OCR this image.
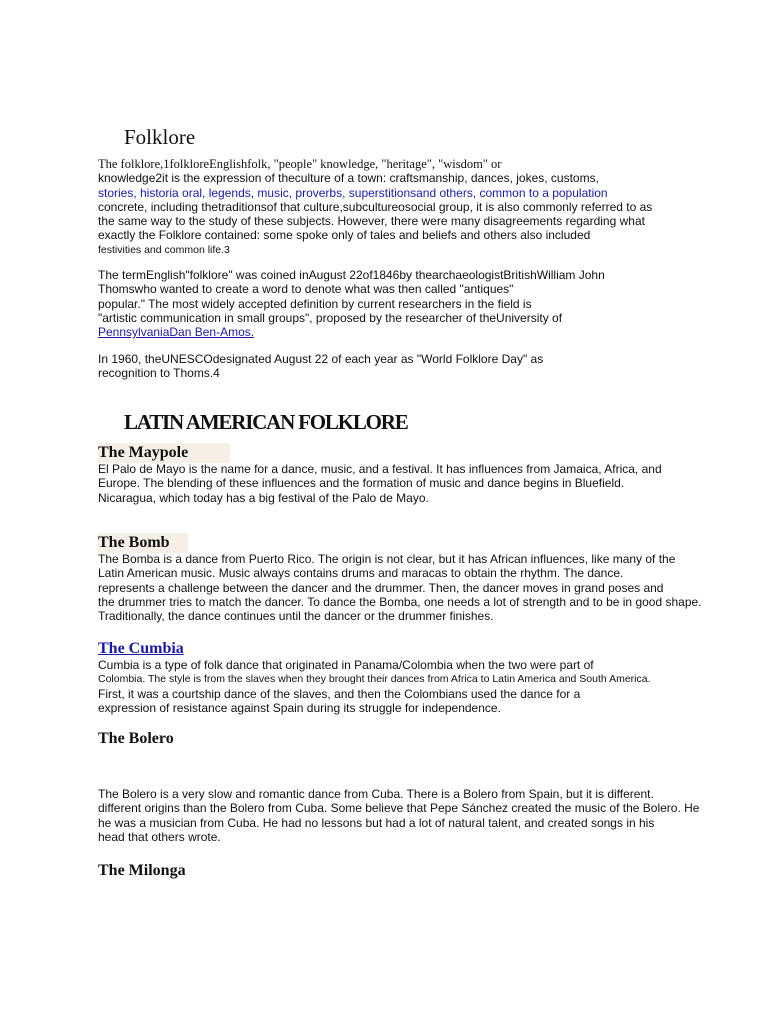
Folklore
The folklore,1folkloreEnglishfolk, "people" knowledge, "heritage", "wisdom" or
knowledge2it is the expression of theculture of a town: craftsmanship, dances, jokes, customs,
stories, historia oral, legends, music, proverbs, superstitionsand others, common to a population
concrete, including thetraditionsof that culture,subcultureosocial group, it is also commonly referred to as
the same way to the study of these subjects. However, there were many disagreements regarding what
exactly the Folklore contained: some spoke only of tales and beliefs and others also included
festivities and common life.3
The termEnglish"folklore" was coined inAugust 22of1846by thearchaeologistBritishWilliam John
Thomswho wanted to create a word to denote what was then called "antiques"
popular." The most widely accepted definition by current researchers in the field is
"artistic communication in small groups", proposed by the researcher of theUniversity of
PennsylvaniaDan Ben-Amos.
In 1960, theUNESCOdesignated August 22 of each year as "World Folklore Day" as
recognition to Thoms.4
LATIN AMERICAN FOLKLORE
The Maypole
El Palo de Mayo is the name for a dance, music, and a festival. It has influences from Jamaica, Africa, and
Europe. The blending of these influences and the formation of music and dance begins in Bluefield.
Nicaragua, which today has a big festival of the Palo de Mayo.
The Bomb
The Bomba is a dance from Puerto Rico. The origin is not clear, but it has African influences, like many of the
Latin American music. Music always contains drums and maracas to obtain the rhythm. The dance.
represents a challenge between the dancer and the drummer. Then, the dancer moves in grand poses and
the drummer tries to match the dancer. To dance the Bomba, one needs a lot of strength and to be in good shape.
Traditionally, the dance continues until the dancer or the drummer finishes.
The Cumbia
Cumbia is a type of folk dance that originated in Panama/Colombia when the two were part of
Colombia. The style is from the slaves when they brought their dances from Africa to Latin America and South America.
First, it was a courtship dance of the slaves, and then the Colombians used the dance for a
expression of resistance against Spain during its struggle for independence.
The Bolero
The Bolero is a very slow and romantic dance from Cuba. There is a Bolero from Spain, but it is different.
different origins than the Bolero from Cuba. Some believe that Pepe Sánchez created the music of the Bolero. He
he was a musician from Cuba. He had no lessons but had a lot of natural talent, and created songs in his
head that others wrote.
The Milonga
